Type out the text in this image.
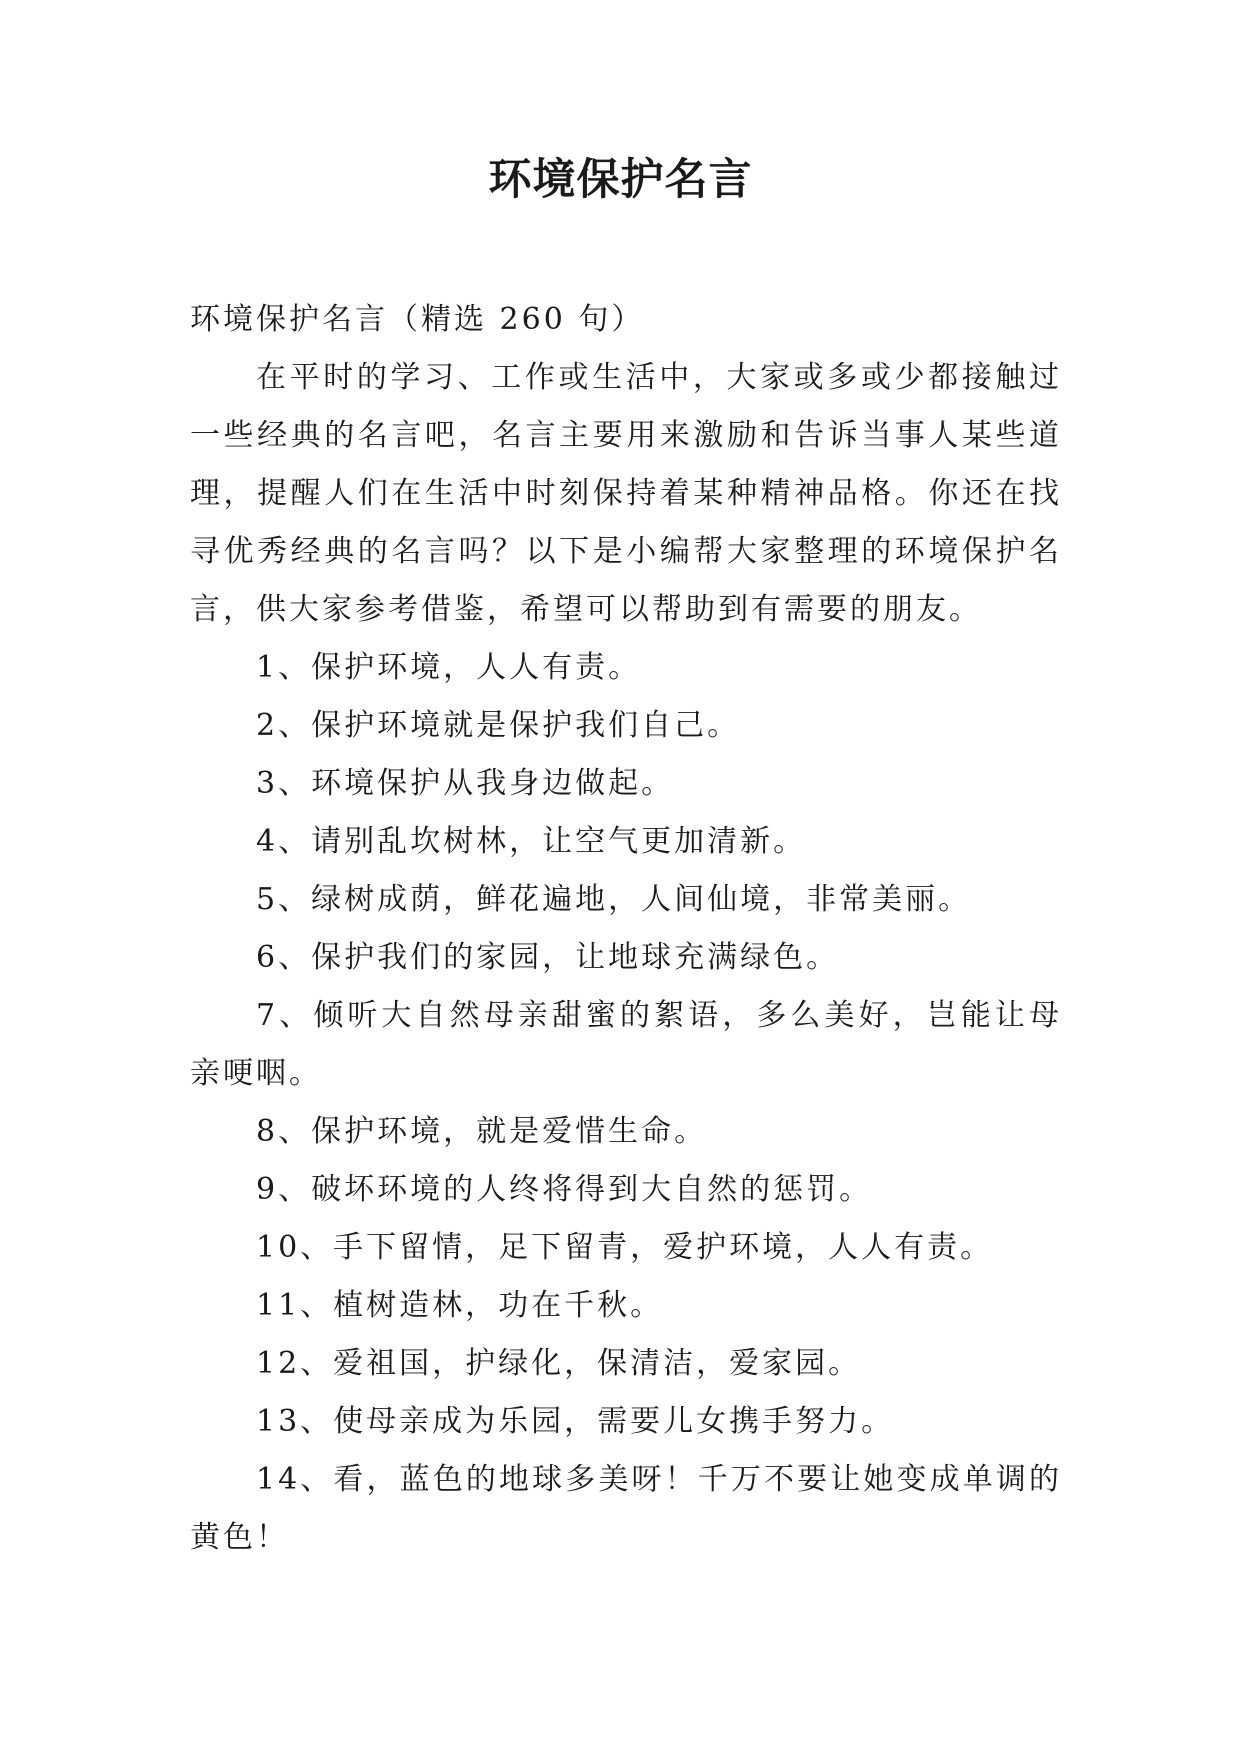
环境保护名言

环境保护名言（精选 260 句）

在平时的学习、工作或生活中，大家或多或少都接触过一些经典的名言吧，名言主要用来激励和告诉当事人某些道理，提醒人们在生活中时刻保持着某种精神品格。你还在找寻优秀经典的名言吗？以下是小编帮大家整理的环境保护名言，供大家参考借鉴，希望可以帮助到有需要的朋友。

1、保护环境，人人有责。

2、保护环境就是保护我们自己。

3、环境保护从我身边做起。

4、请别乱坎树林，让空气更加清新。

5、绿树成荫，鲜花遍地，人间仙境，非常美丽。

6、保护我们的家园，让地球充满绿色。

7、倾听大自然母亲甜蜜的絮语，多么美好，岂能让母亲哽咽。

8、保护环境，就是爱惜生命。

9、破坏环境的人终将得到大自然的惩罚。

10、手下留情，足下留青，爱护环境，人人有责。

11、植树造林，功在千秋。

12、爱祖国，护绿化，保清洁，爱家园。

13、使母亲成为乐园，需要儿女携手努力。

14、看，蓝色的地球多美呀！千万不要让她变成单调的黄色！
